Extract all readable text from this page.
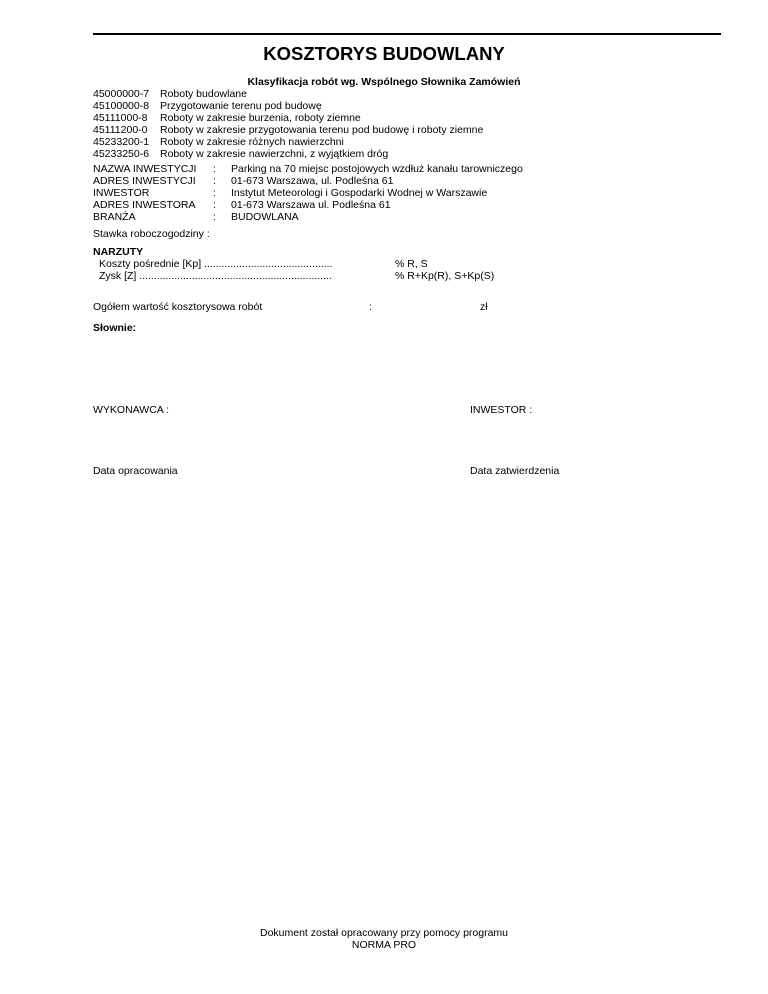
KOSZTORYS BUDOWLANY
Klasyfikacja robót wg. Wspólnego Słownika Zamówień
45000000-7	Roboty budowlane
45100000-8	Przygotowanie terenu pod budowę
45111000-8	Roboty w zakresie burzenia, roboty ziemne
45111200-0	Roboty w zakresie przygotowania terenu pod budowę i roboty ziemne
45233200-1	Roboty w zakresie różnych nawierzchni
45233250-6	Roboty w zakresie nawierzchni, z wyjątkiem dróg
NAZWA INWESTYCJI	:	Parking na 70 miejsc postojowych wzdłuż kanału tarowniczego
ADRES INWESTYCJI	:	01-673 Warszawa, ul. Podleśna 61
INWESTOR	:	Instytut Meteorologi i Gospodarki Wodnej w Warszawie
ADRES INWESTORA	:	01-673 Warszawa ul. Podleśna 61
BRANŻA	:	BUDOWLANA
Stawka roboczogodziny :
NARZUTY
Koszty pośrednie [Kp] ............................................	% R, S
Zysk [Z] ..................................................................	% R+Kp(R), S+Kp(S)
Ogółem wartość kosztorysowa robót	:	zł
Słownie:
WYKONAWCA :	INWESTOR :
Data opracowania	Data zatwierdzenia
Dokument został opracowany przy pomocy programu
NORMA PRO
